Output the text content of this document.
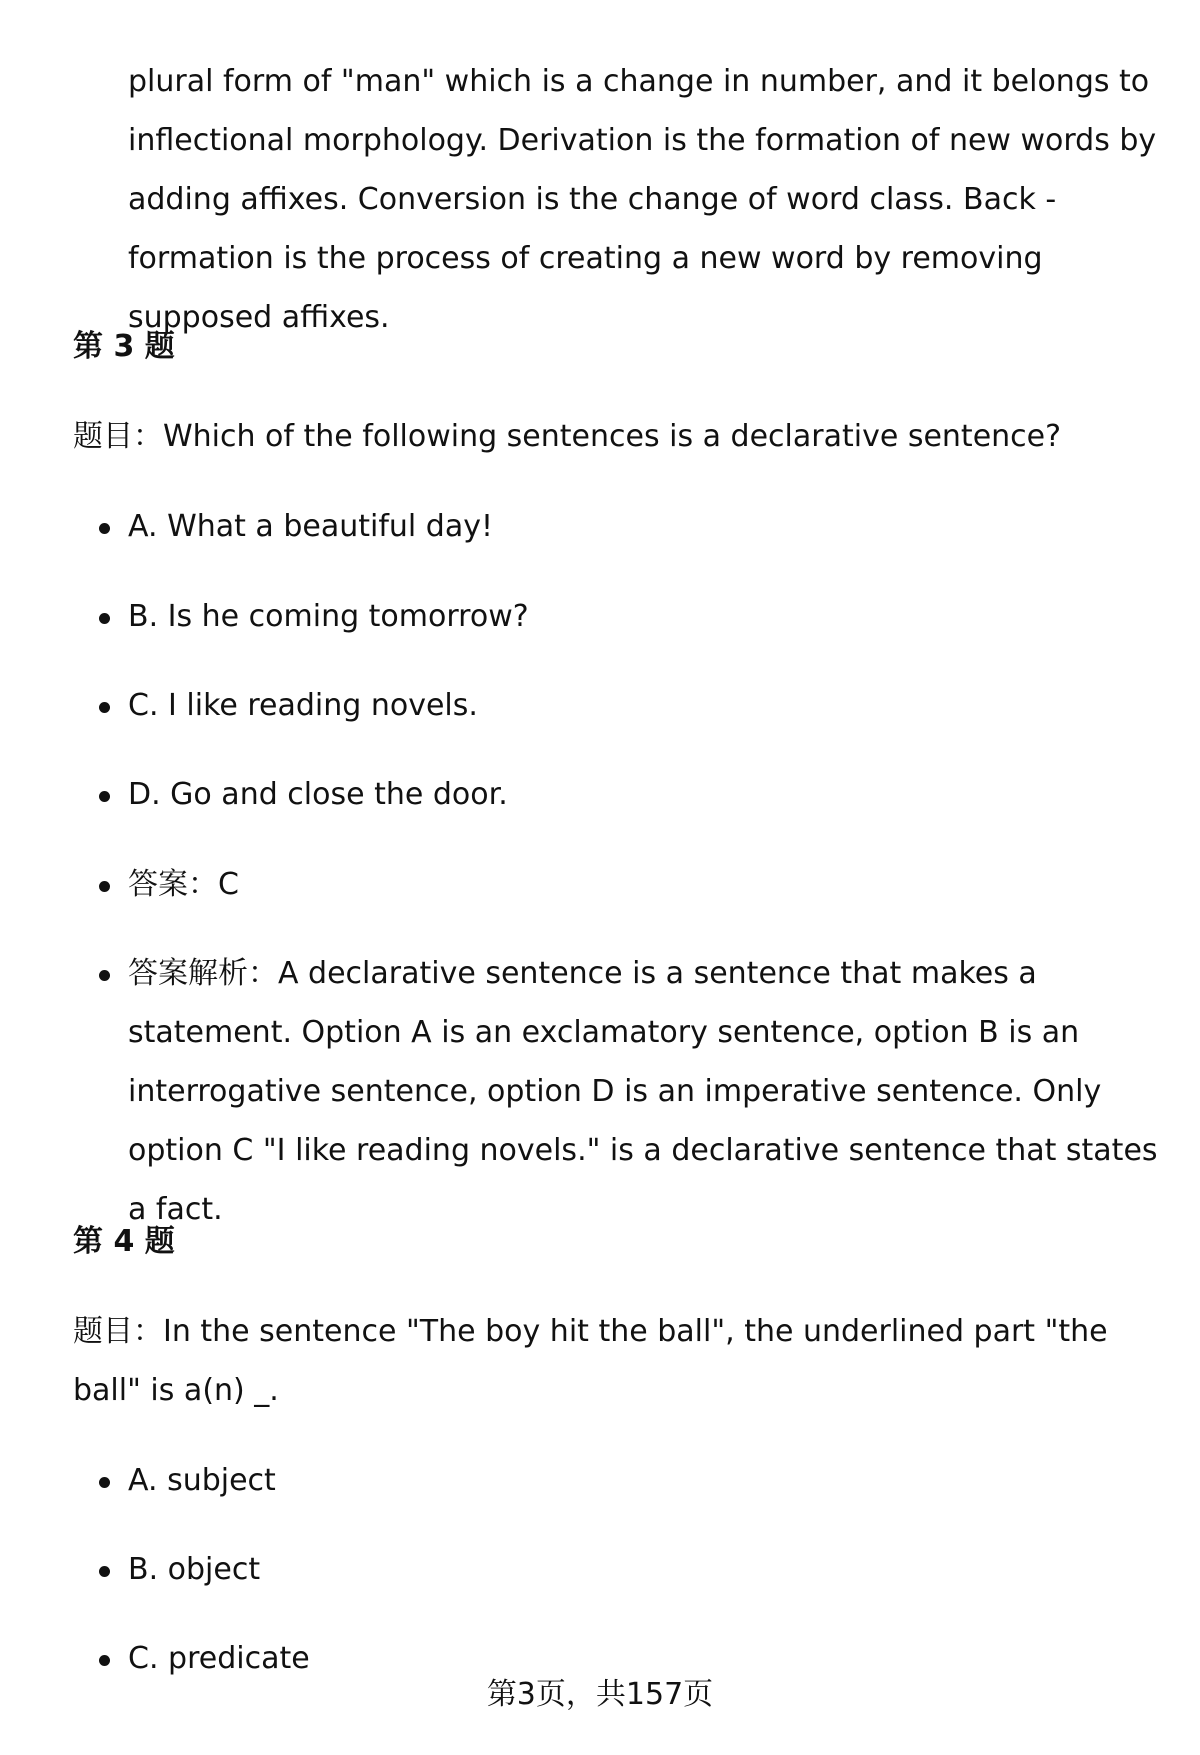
plural form of "man" which is a change in number, and it belongs to inflectional morphology. Derivation is the formation of new words by adding affixes. Conversion is the change of word class. Back - formation is the process of creating a new word by removing supposed affixes.

第 3 题

题目：Which of the following sentences is a declarative sentence?

A. What a beautiful day!
B. Is he coming tomorrow?
C. I like reading novels.
D. Go and close the door.
答案：C
答案解析：A declarative sentence is a sentence that makes a statement. Option A is an exclamatory sentence, option B is an interrogative sentence, option D is an imperative sentence. Only option C "I like reading novels." is a declarative sentence that states a fact.
第 4 题

题目：In the sentence "The boy hit the ball", the underlined part "the ball" is a(n) _.

A. subject
B. object
C. predicate
第3页，共157页
